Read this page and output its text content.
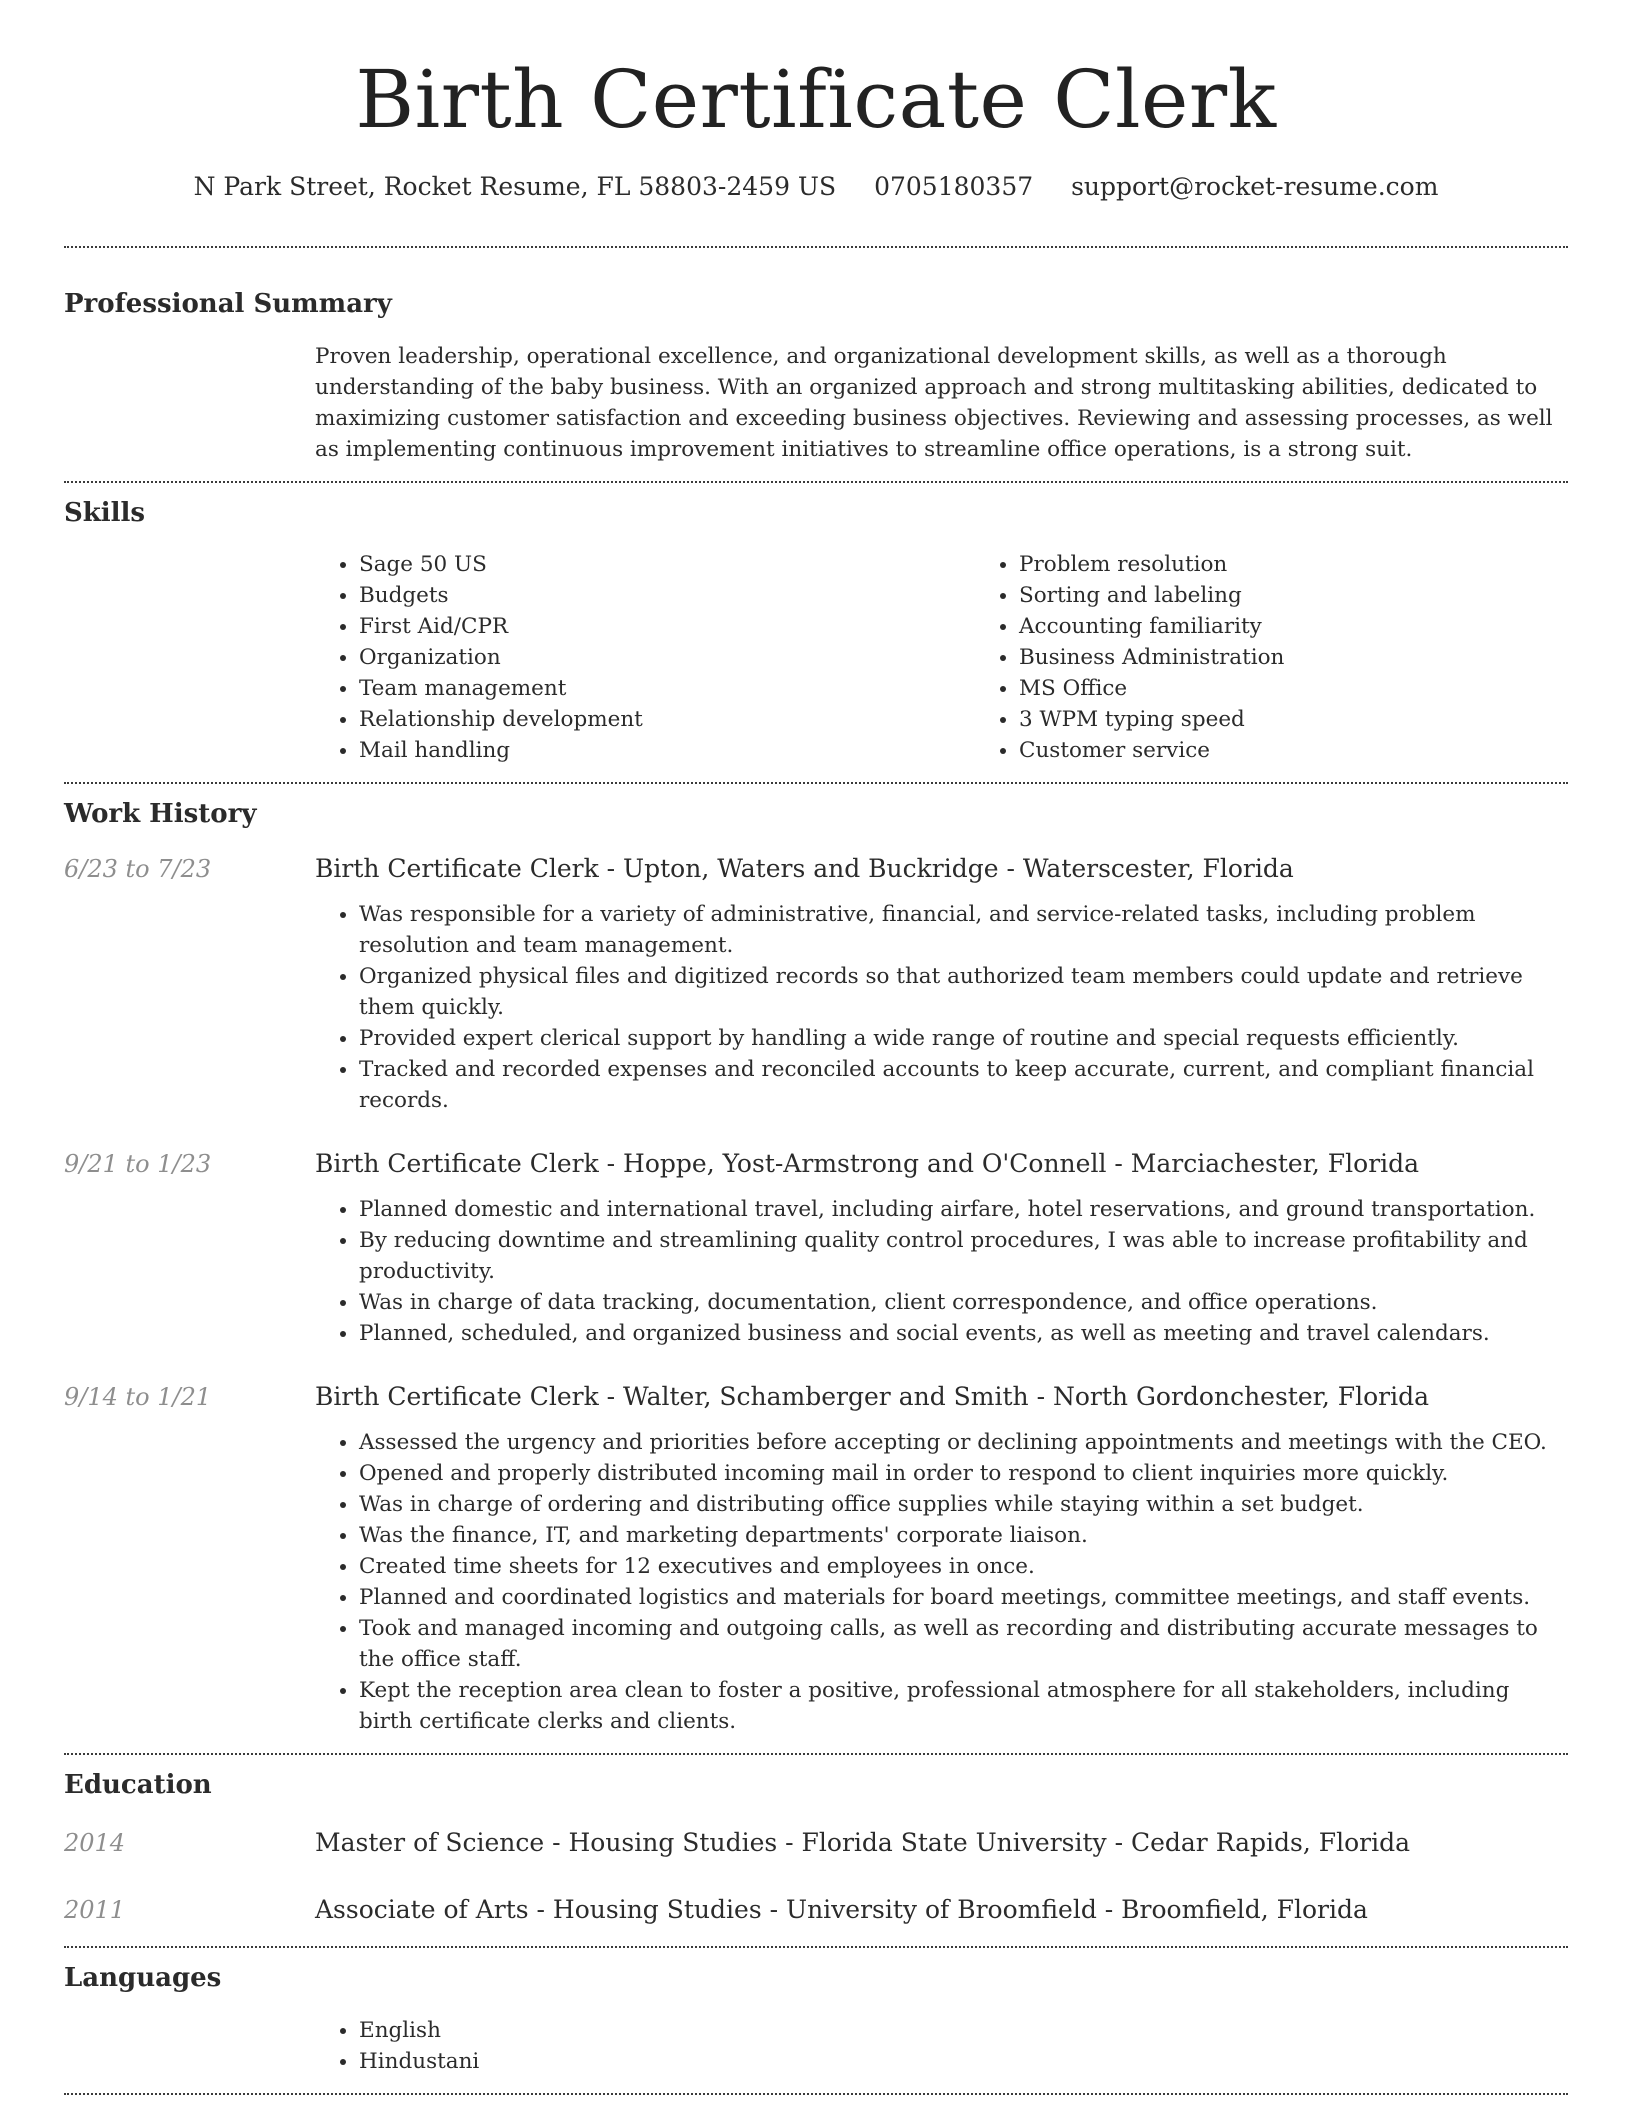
Birth Certificate Clerk
N Park Street, Rocket Resume, FL 58803-2459 US 0705180357 support@rocket-resume.com
Professional Summary

Proven leadership, operational excellence, and organizational development skills, as well as a thorough understanding of the baby business. With an organized approach and strong multitasking abilities, dedicated to maximizing customer satisfaction and exceeding business objectives. Reviewing and assessing processes, as well as implementing continuous improvement initiatives to streamline office operations, is a strong suit.

Skills
• Sage 50 US
• Budgets
• First Aid/CPR
• Organization
• Team management
• Relationship development
• Mail handling
• Problem resolution
• Sorting and labeling
• Accounting familiarity
• Business Administration
• MS Office
• 3 WPM typing speed
• Customer service
Work History
6/23 to 7/23	Birth Certificate Clerk - Upton, Waters and Buckridge - Waterscester, Florida
• Was responsible for a variety of administrative, financial, and service-related tasks, including problem resolution and team management.
• Organized physical files and digitized records so that authorized team members could update and retrieve them quickly.
• Provided expert clerical support by handling a wide range of routine and special requests efficiently.
• Tracked and recorded expenses and reconciled accounts to keep accurate, current, and compliant financial records.
9/21 to 1/23	Birth Certificate Clerk - Hoppe, Yost-Armstrong and O'Connell - Marciachester, Florida
• Planned domestic and international travel, including airfare, hotel reservations, and ground transportation.
• By reducing downtime and streamlining quality control procedures, I was able to increase profitability and productivity.
• Was in charge of data tracking, documentation, client correspondence, and office operations.
• Planned, scheduled, and organized business and social events, as well as meeting and travel calendars.
9/14 to 1/21	Birth Certificate Clerk - Walter, Schamberger and Smith - North Gordonchester, Florida
• Assessed the urgency and priorities before accepting or declining appointments and meetings with the CEO.
• Opened and properly distributed incoming mail in order to respond to client inquiries more quickly.
• Was in charge of ordering and distributing office supplies while staying within a set budget.
• Was the finance, IT, and marketing departments' corporate liaison.
• Created time sheets for 12 executives and employees in once.
• Planned and coordinated logistics and materials for board meetings, committee meetings, and staff events.
• Took and managed incoming and outgoing calls, as well as recording and distributing accurate messages to the office staff.
• Kept the reception area clean to foster a positive, professional atmosphere for all stakeholders, including birth certificate clerks and clients.
Education
2014	Master of Science - Housing Studies - Florida State University - Cedar Rapids, Florida
2011	Associate of Arts - Housing Studies - University of Broomfield - Broomfield, Florida
Languages
• English
• Hindustani
